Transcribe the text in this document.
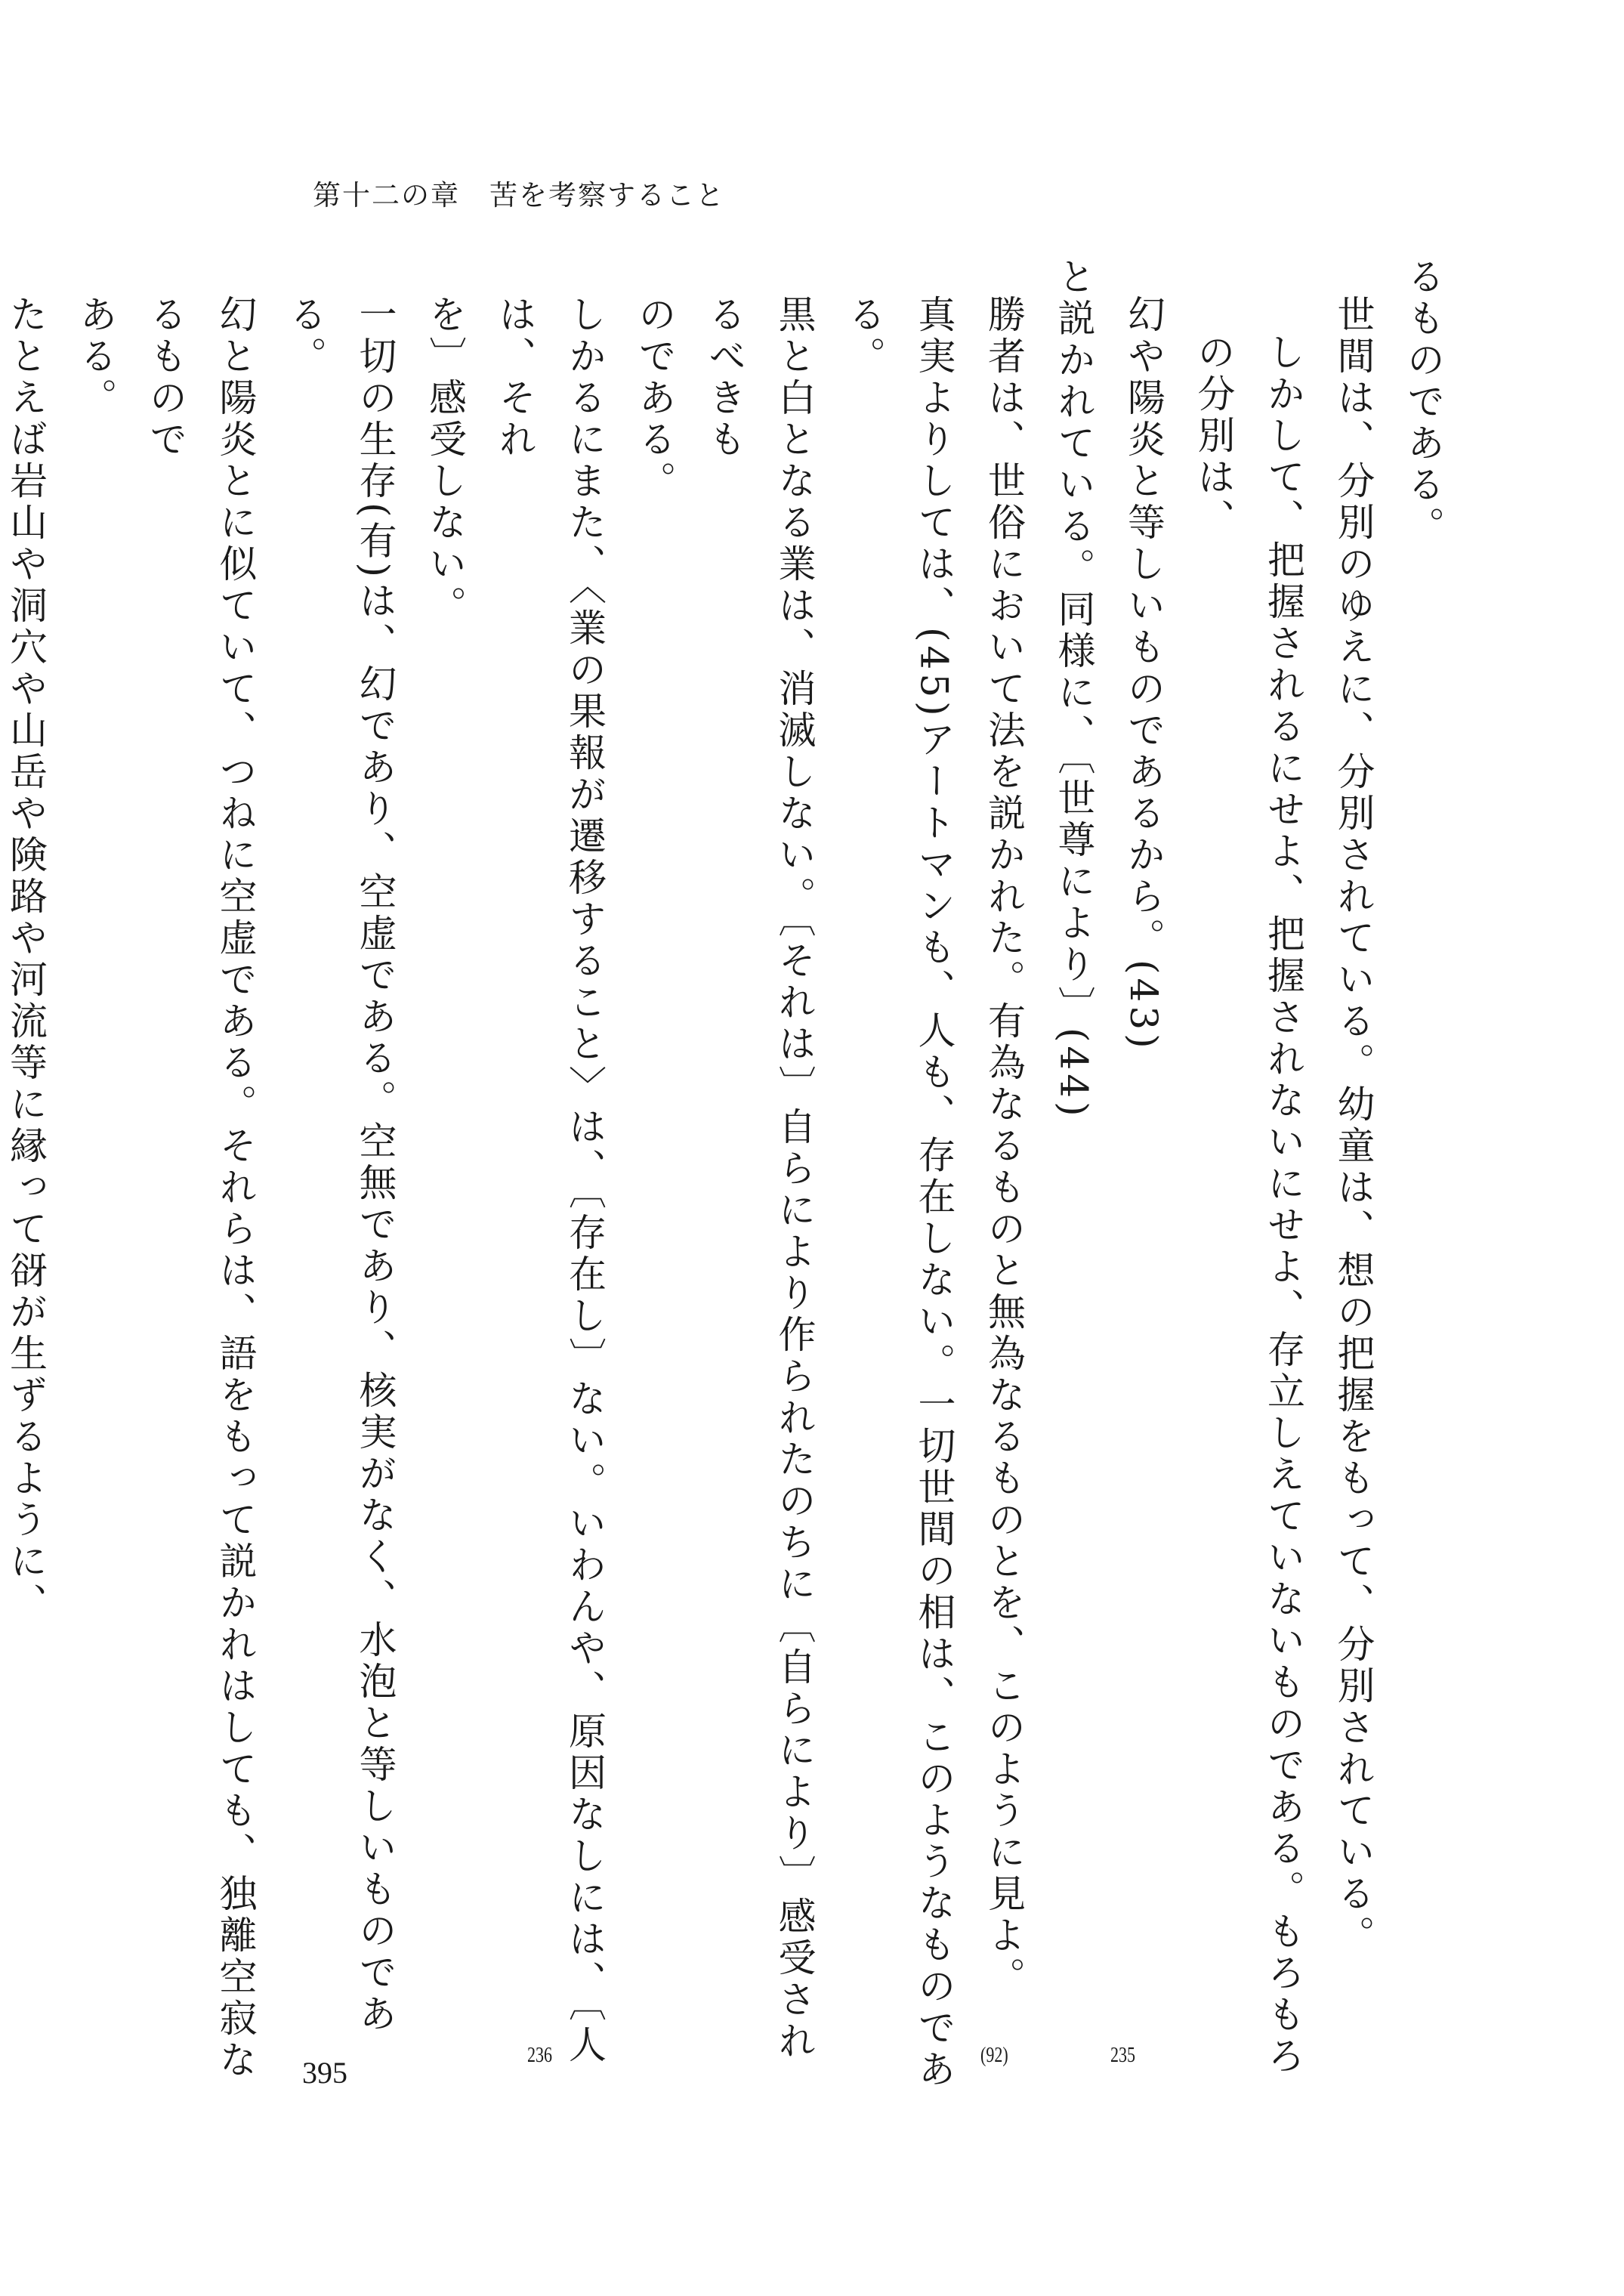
第十二の章　苦を考察すること

るものである。

世間は、分別のゆえに、分別されている。幼童は、想の把握をもって、分別されている。

しかして、把握されるにせよ、把握されないにせよ、存立しえていないものである。もろもろの分別は、

幻や陽炎と等しいものであるから。(43)

と説かれている。同様に、〔世尊により〕(44)

勝者は、世俗において法を説かれた。有為なるものと無為なるものとを、このように見よ。

真実よりしては、(45)アートマンも、人も、存在しない。一切世間の相は、このようなものである。

黒と白となる業は、消滅しない。〔それは〕自らにより作られたのちに〔自らにより〕感受されるべきも

のである。

しかるにまた、〈業の果報が遷移すること〉は、〔存在し〕ない。いわんや、原因なしには、〔人は、それ

を〕感受しない。

一切の生存(有)は、幻であり、空虚である。空無であり、核実がなく、水泡と等しいものである。

幻と陽炎とに似ていて、つねに空虚である。それらは、語をもって説かれはしても、独離空寂なるもので

ある。

たとえば岩山や洞穴や山岳や険路や河流等に縁って谺が生ずるように、

235
(92)
236
395
